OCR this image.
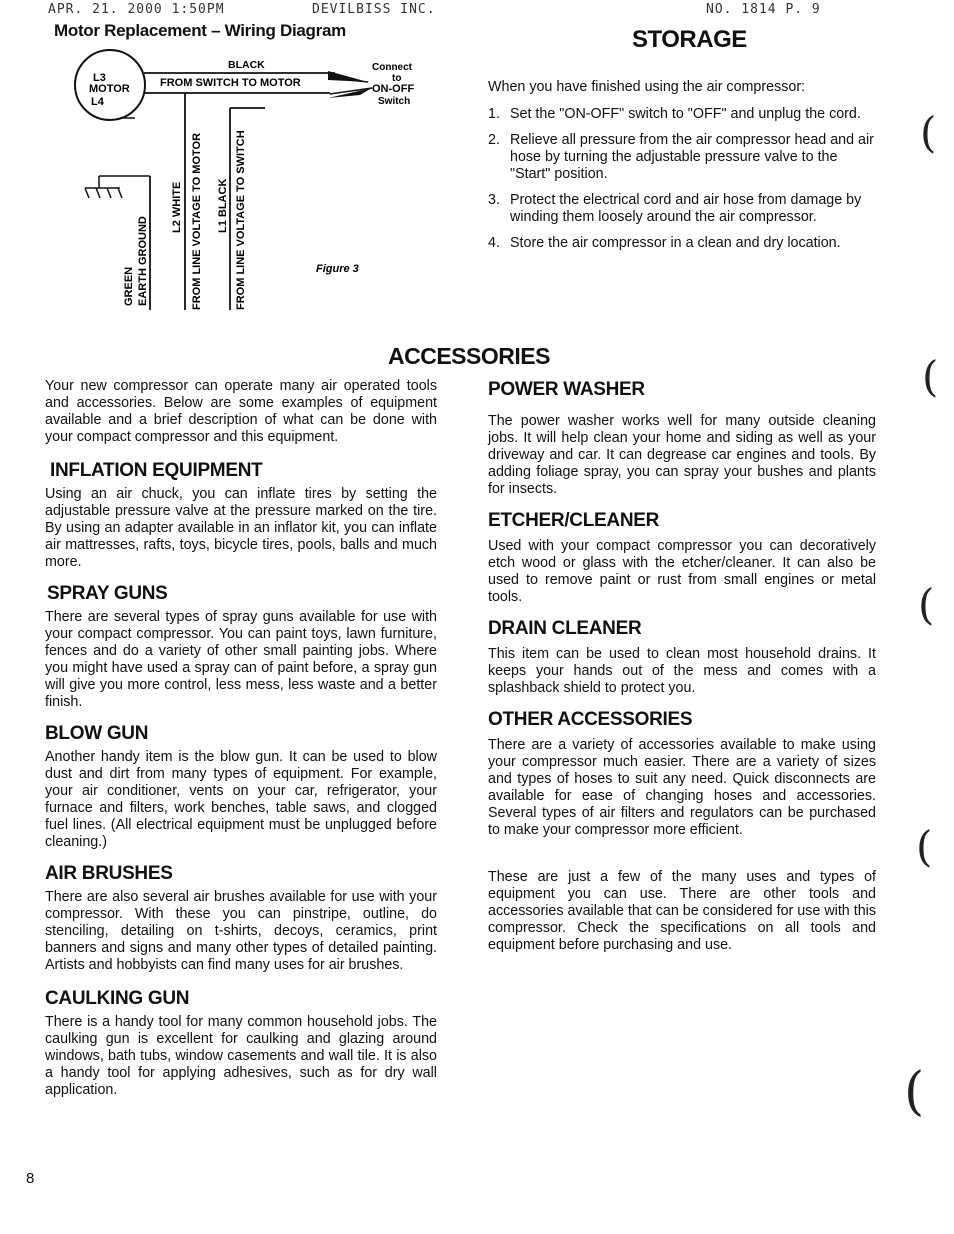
APR. 21. 2000 1:50PM	DEVILBISS INC.	NO. 1814 P. 9
Motor Replacement – Wiring Diagram
L3
MOTOR
L4
BLACK
FROM SWITCH TO MOTOR
Connect
to
ON-OFF
Switch
GREEN EARTH GROUND
L2 WHITE FROM LINE VOLTAGE TO MOTOR L1 BLACK FROM LINE VOLTAGE TO SWITCH	Figure 3
STORAGE

When you have finished using the air compressor:

1. Set the "ON-OFF" switch to "OFF" and unplug the cord.
2. Relieve all pressure from the air compressor head and air hose by turning the adjustable pressure valve to the "Start" position.
3. Protect the electrical cord and air hose from damage by winding them loosely around the air compressor.
4. Store the air compressor in a clean and dry location.
ACCESSORIES

Your new compressor can operate many air operated tools and accessories. Below are some examples of equipment available and a brief description of what can be done with your compact compressor and this equipment.

INFLATION EQUIPMENT

Using an air chuck, you can inflate tires by setting the adjustable pressure valve at the pressure marked on the tire. By using an adapter available in an inflator kit, you can inflate air mattresses, rafts, toys, bicycle tires, pools, balls and much more.

SPRAY GUNS

There are several types of spray guns available for use with your compact compressor. You can paint toys, lawn furniture, fences and do a variety of other small painting jobs. Where you might have used a spray can of paint before, a spray gun will give you more control, less mess, less waste and a better finish.

BLOW GUN

Another handy item is the blow gun. It can be used to blow dust and dirt from many types of equipment. For example, your air conditioner, vents on your car, refrigerator, your furnace and filters, work benches, table saws, and clogged fuel lines. (All electrical equipment must be unplugged before cleaning.)

AIR BRUSHES

There are also several air brushes available for use with your compressor. With these you can pinstripe, outline, do stenciling, detailing on t-shirts, decoys, ceramics, print banners and signs and many other types of detailed painting. Artists and hobbyists can find many uses for air brushes.

CAULKING GUN

There is a handy tool for many common household jobs. The caulking gun is excellent for caulking and glazing around windows, bath tubs, window casements and wall tile. It is also a handy tool for applying adhesives, such as for dry wall application.

POWER WASHER

The power washer works well for many outside cleaning jobs. It will help clean your home and siding as well as your driveway and car. It can degrease car engines and tools. By adding foliage spray, you can spray your bushes and plants for insects.

ETCHER/CLEANER

Used with your compact compressor you can decoratively etch wood or glass with the etcher/cleaner. It can also be used to remove paint or rust from small engines or metal tools.

DRAIN CLEANER

This item can be used to clean most household drains. It keeps your hands out of the mess and comes with a splashback shield to protect you.

OTHER ACCESSORIES

There are a variety of accessories available to make using your compressor much easier. There are a variety of sizes and types of hoses to suit any need. Quick disconnects are available for ease of changing hoses and accessories. Several types of air filters and regulators can be purchased to make your compressor more efficient.

These are just a few of the many uses and types of equipment you can use. There are other tools and accessories available that can be considered for use with this compressor. Check the specifications on all tools and equipment before purchasing and use.

(
(
(
(
(
8
